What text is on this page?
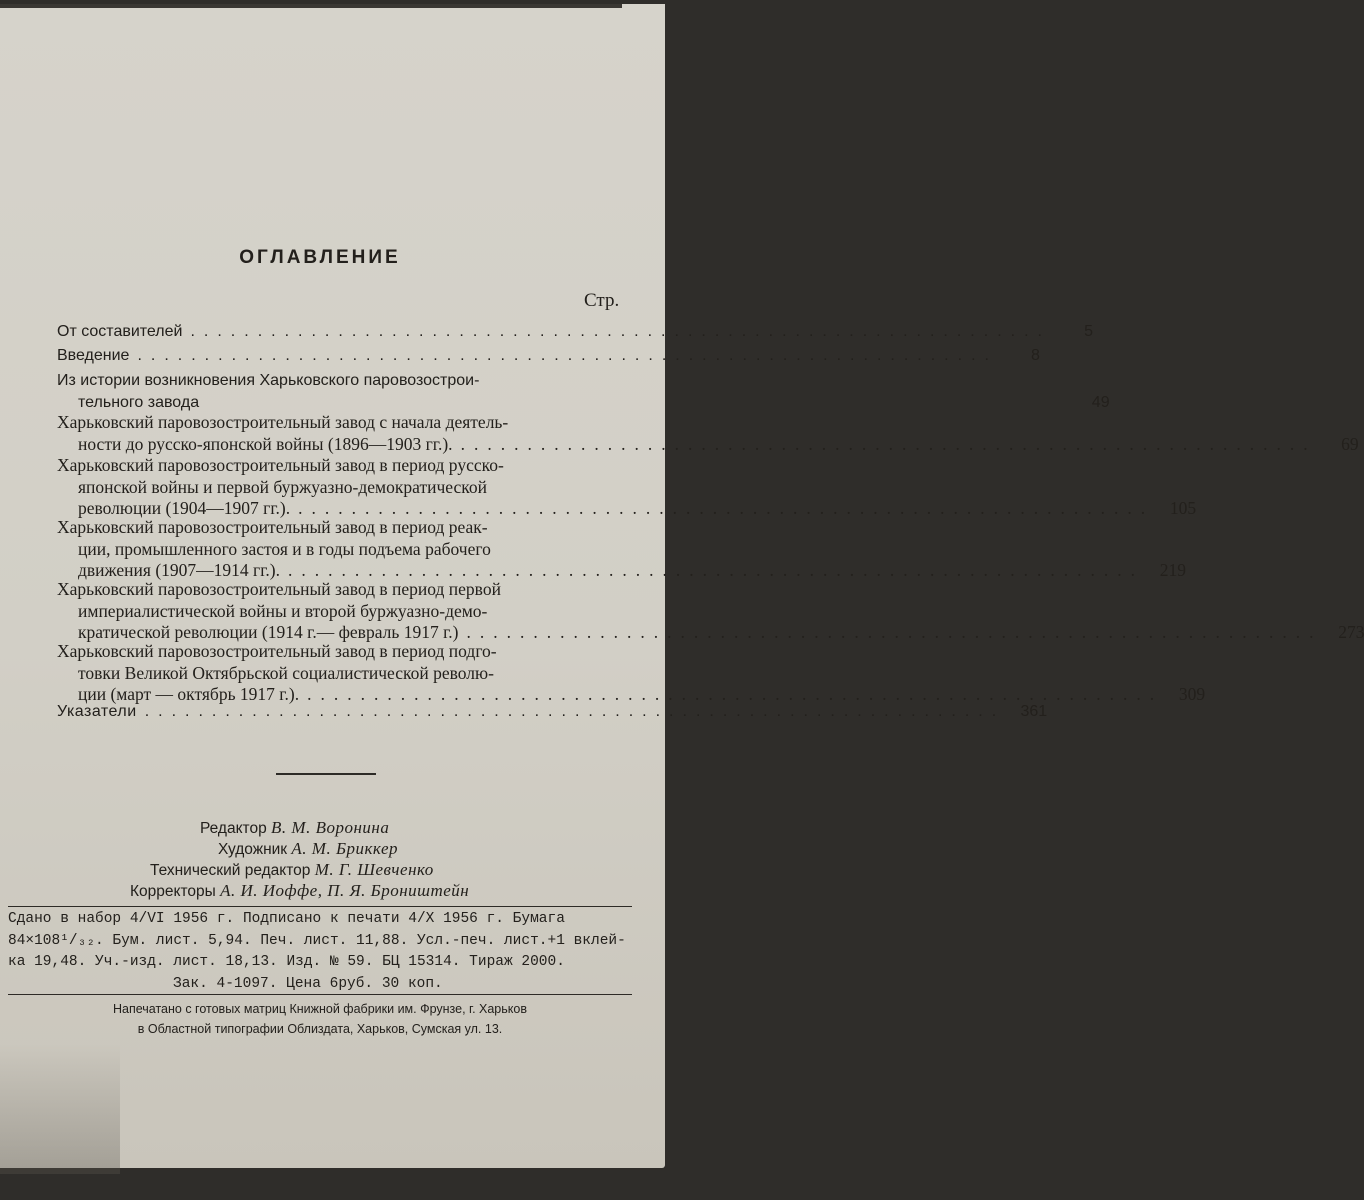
ОГЛАВЛЕНИЕ
Стр.
От составителей ................................................................	5
Введение ................................................................	8
Из истории возникновения Харьковского паровозострои-
тельного завода	49
Харьковский паровозостроительный завод с начала деятель-
ности до русско-японской войны (1896—1903 гг.). ................................................................	69
Харьковский паровозостроительный завод в период русско-
японской войны и первой буржуазно-демократической
революции (1904—1907 гг.). ................................................................ 105
Харьковский паровозостроительный завод в период реак-
ции, промышленного застоя и в годы подъема рабочего
движения (1907—1914 гг.). ................................................................ 219
Харьковский паровозостроительный завод в период первой
империалистической войны и второй буржуазно-демо-
кратической революции (1914 г.— февраль 1917 г.) ................................................................ 273
Харьковский паровозостроительный завод в период подго-
товки Великой Октябрьской социалистической револю-
ции (март — октябрь 1917 г.). ................................................................ 309
Указатели ................................................................ 361
Редактор В. М. Воронина
Художник А. М. Бриккер
Технический редактор М. Г. Шевченко
Корректоры А. И. Иоффе, П. Я. Броништейн
Сдано в набор 4/VI 1956 г. Подписано к печати 4/X 1956 г. Бумага
84×108¹/₃₂. Бум. лист. 5,94. Печ. лист. 11,88. Усл.-печ. лист.+1 вклей-
ка 19,48. Уч.-изд. лист. 18,13. Изд. № 59. БЦ 15314. Тираж 2000.
Зак. 4-1097. Цена 6руб. 30 коп.
Напечатано с готовых матриц Книжной фабрики им. Фрунзе, г. Харьков
в Областной типографии Облиздата, Харьков, Сумская ул. 13.
